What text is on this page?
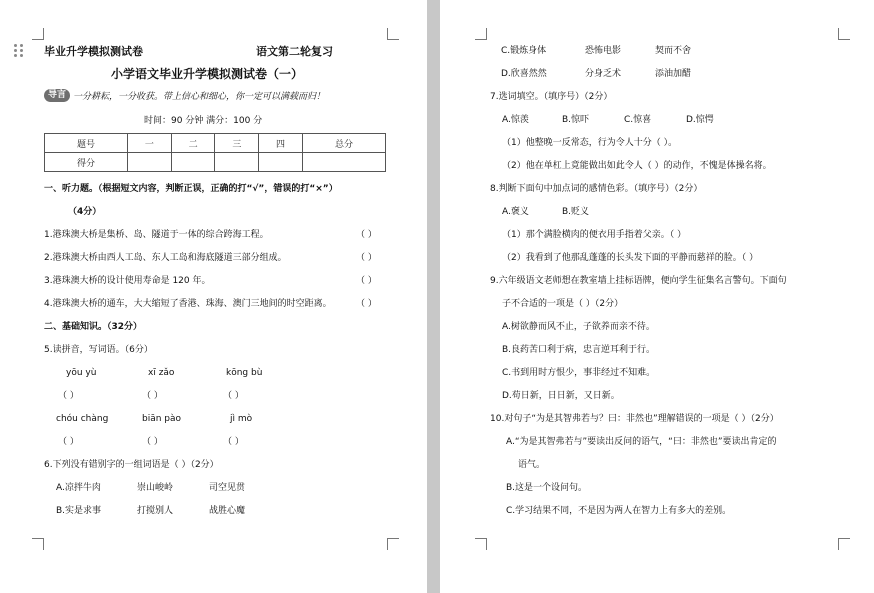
毕业升学模拟测试卷	语文第二轮复习
小学语文毕业升学模拟测试卷（一）
导言 一分耕耘，一分收获。带上信心和细心，你一定可以满载而归！
时间：90 分钟 满分：100 分
题号	一	二	三	四	总分
得分					
一、听力题。（根据短文内容，判断正误，正确的打“√”，错误的打“×”）
（4分）
1.港珠澳大桥是集桥、岛、隧道于一体的综合跨海工程。	（ ）
2.港珠澳大桥由西人工岛、东人工岛和海底隧道三部分组成。	（ ）
3.港珠澳大桥的设计使用寿命是 120 年。	（ ）
4.港珠澳大桥的通车，大大缩短了香港、珠海、澳门三地间的时空距离。	（ ）
二、基础知识。（32分）
5.读拼音，写词语。（6分）
yōu yù	xī zǎo	kōng bù
（ ）	（ ）	（ ）
chóu chàng	biān pào	jì mò
（ ）	（ ）	（ ）
6.下列没有错别字的一组词语是（ ）（2分）
A.凉拌牛肉	崇山峻岭	司空见贯
B.实是求事	打搅别人	战胜心魔
C.锻炼身体	恐怖电影	契而不舍
D.欣喜然然	分身乏术	添油加醋
7.选词填空。（填序号）（2分）
A.惊羡	B.惊吓	C.惊喜	D.惊愕
（1）他整晚一反常态，行为令人十分（ ）。
（2）他在单杠上竟能做出如此令人（ ）的动作，不愧是体操名将。
8.判断下面句中加点词的感情色彩。（填序号）（2分）
A.褒义	B.贬义
（1）那个满脸横肉的便衣用手指着父亲。（ ）
（2）我看到了他那乱蓬蓬的长头发下面的平静而慈祥的脸。（ ）
9.六年级语文老师想在教室墙上挂标语牌，便向学生征集名言警句。下面句
子不合适的一项是（ ）（2分）
A.树欲静而风不止，子欲养而亲不待。
B.良药苦口利于病，忠言逆耳利于行。
C.书到用时方恨少，事非经过不知难。
D.苟日新，日日新，又日新。
10.对句子“为是其智弗若与？曰：非然也”理解错误的一项是（ ）（2分）
A.“为是其智弗若与”要读出反问的语气，“曰：非然也”要读出肯定的
语气。
B.这是一个设问句。
C.学习结果不同，不是因为两人在智力上有多大的差别。
